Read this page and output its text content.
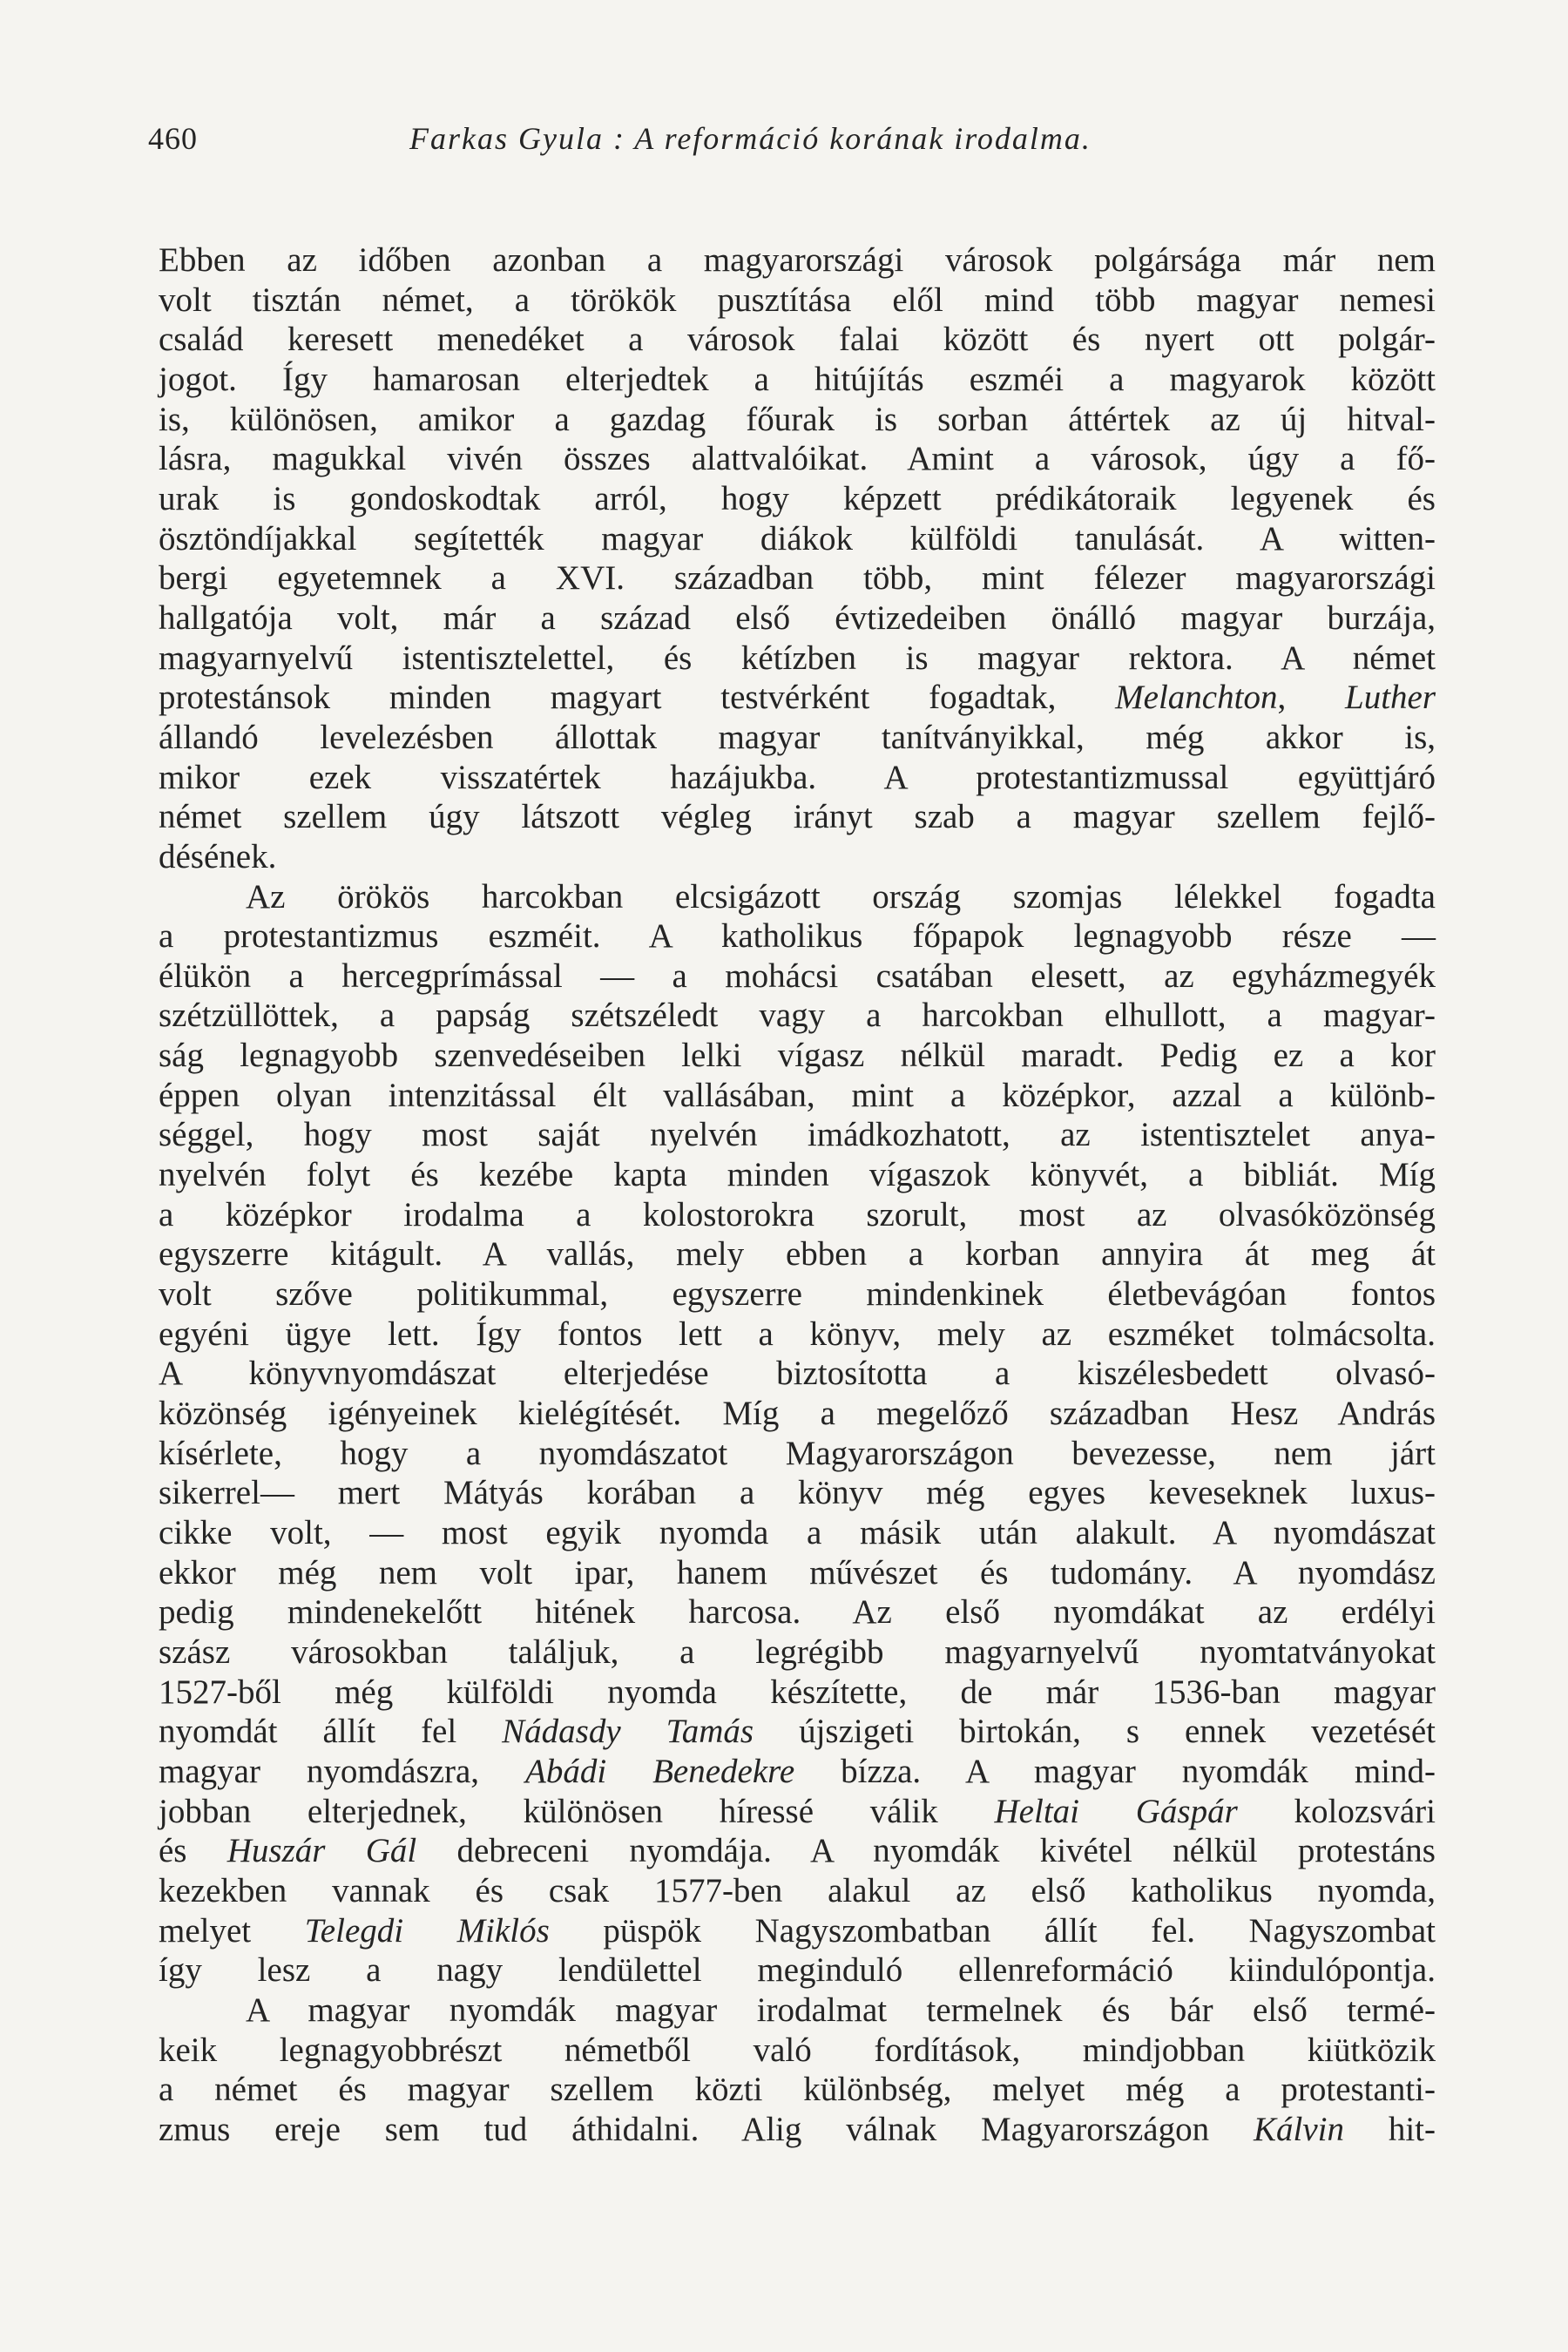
460	Farkas Gyula : A reformáció korának irodalma.
Ebben az időben azonban a magyarországi városok polgársága már nem
volt tisztán német, a törökök pusztítása elől mind több magyar nemesi
család keresett menedéket a városok falai között és nyert ott polgár-
jogot. Így hamarosan elterjedtek a hitújítás eszméi a magyarok között
is, különösen, amikor a gazdag főurak is sorban áttértek az új hitval-
lásra, magukkal vivén összes alattvalóikat. Amint a városok, úgy a fő-
urak is gondoskodtak arról, hogy képzett prédikátoraik legyenek és
ösztöndíjakkal segítették magyar diákok külföldi tanulását. A witten-
bergi egyetemnek a XVI. században több, mint félezer magyarországi
hallgatója volt, már a század első évtizedeiben önálló magyar burzája,
magyarnyelvű istentisztelettel, és kétízben is magyar rektora. A német
protestánsok minden magyart testvérként fogadtak, Melanchton, Luther
állandó levelezésben állottak magyar tanítványikkal, még akkor is,
mikor ezek visszatértek hazájukba. A protestantizmussal együttjáró
német szellem úgy látszott végleg irányt szab a magyar szellem fejlő-
désének.
Az örökös harcokban elcsigázott ország szomjas lélekkel fogadta
a protestantizmus eszméit. A katholikus főpapok legnagyobb része —
élükön a hercegprímással — a mohácsi csatában elesett, az egyházmegyék
szétzüllöttek, a papság szétszéledt vagy a harcokban elhullott, a magyar-
ság legnagyobb szenvedéseiben lelki vígasz nélkül maradt. Pedig ez a kor
éppen olyan intenzitással élt vallásában, mint a középkor, azzal a különb-
séggel, hogy most saját nyelvén imádkozhatott, az istentisztelet anya-
nyelvén folyt és kezébe kapta minden vígaszok könyvét, a bibliát. Míg
a középkor irodalma a kolostorokra szorult, most az olvasóközönség
egyszerre kitágult. A vallás, mely ebben a korban annyira át meg át
volt szőve politikummal, egyszerre mindenkinek életbevágóan fontos
egyéni ügye lett. Így fontos lett a könyv, mely az eszméket tolmácsolta.
A könyvnyomdászat elterjedése biztosította a kiszélesbedett olvasó-
közönség igényeinek kielégítését. Míg a megelőző században Hesz András
kísérlete, hogy a nyomdászatot Magyarországon bevezesse, nem járt
sikerrel— mert Mátyás korában a könyv még egyes keveseknek luxus-
cikke volt, — most egyik nyomda a másik után alakult. A nyomdászat
ekkor még nem volt ipar, hanem művészet és tudomány. A nyomdász
pedig mindenekelőtt hitének harcosa. Az első nyomdákat az erdélyi
szász városokban találjuk, a legrégibb magyarnyelvű nyomtatványokat
1527-ből még külföldi nyomda készítette, de már 1536-ban magyar
nyomdát állít fel Nádasdy Tamás újszigeti birtokán, s ennek vezetését
magyar nyomdászra, Abádi Benedekre bízza. A magyar nyomdák mind-
jobban elterjednek, különösen híressé válik Heltai Gáspár kolozsvári
és Huszár Gál debreceni nyomdája. A nyomdák kivétel nélkül protestáns
kezekben vannak és csak 1577-ben alakul az első katholikus nyomda,
melyet Telegdi Miklós püspök Nagyszombatban állít fel. Nagyszombat
így lesz a nagy lendülettel meginduló ellenreformáció kiindulópontja.
A magyar nyomdák magyar irodalmat termelnek és bár első termé-
keik legnagyobbrészt németből való fordítások, mindjobban kiütközik
a német és magyar szellem közti különbség, melyet még a protestanti-
zmus ereje sem tud áthidalni. Alig válnak Magyarországon Kálvin hit-
